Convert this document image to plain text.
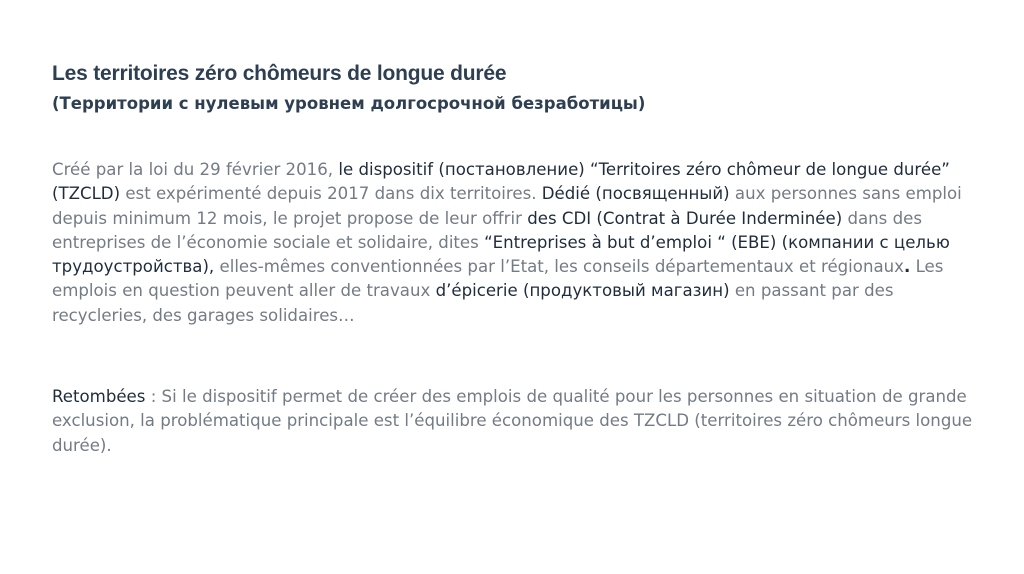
Les territoires zéro chômeurs de longue durée
(Территории с нулевым уровнем долгосрочной безработицы)

Créé par la loi du 29 février 2016, le dispositif (постановление) “Territoires zéro chômeur de longue durée” (TZCLD) est expérimenté depuis 2017 dans dix territoires. Dédié (посвященный) aux personnes sans emploi depuis minimum 12 mois, le projet propose de leur offrir des CDI (Contrat à Durée Inderminée) dans des entreprises de l’économie sociale et solidaire, dites “Entreprises à but d’emploi “ (EBE) (компании с целью трудоустройства), elles-mêmes conventionnées par l’Etat, les conseils départementaux et régionaux. Les emplois en question peuvent aller de travaux d’épicerie (продуктовый магазин) en passant par des recycleries, des garages solidaires…

Retombées : Si le dispositif permet de créer des emplois de qualité pour les personnes en situation de grande exclusion, la problématique principale est l’équilibre économique des TZCLD (territoires zéro chômeurs longue durée).
